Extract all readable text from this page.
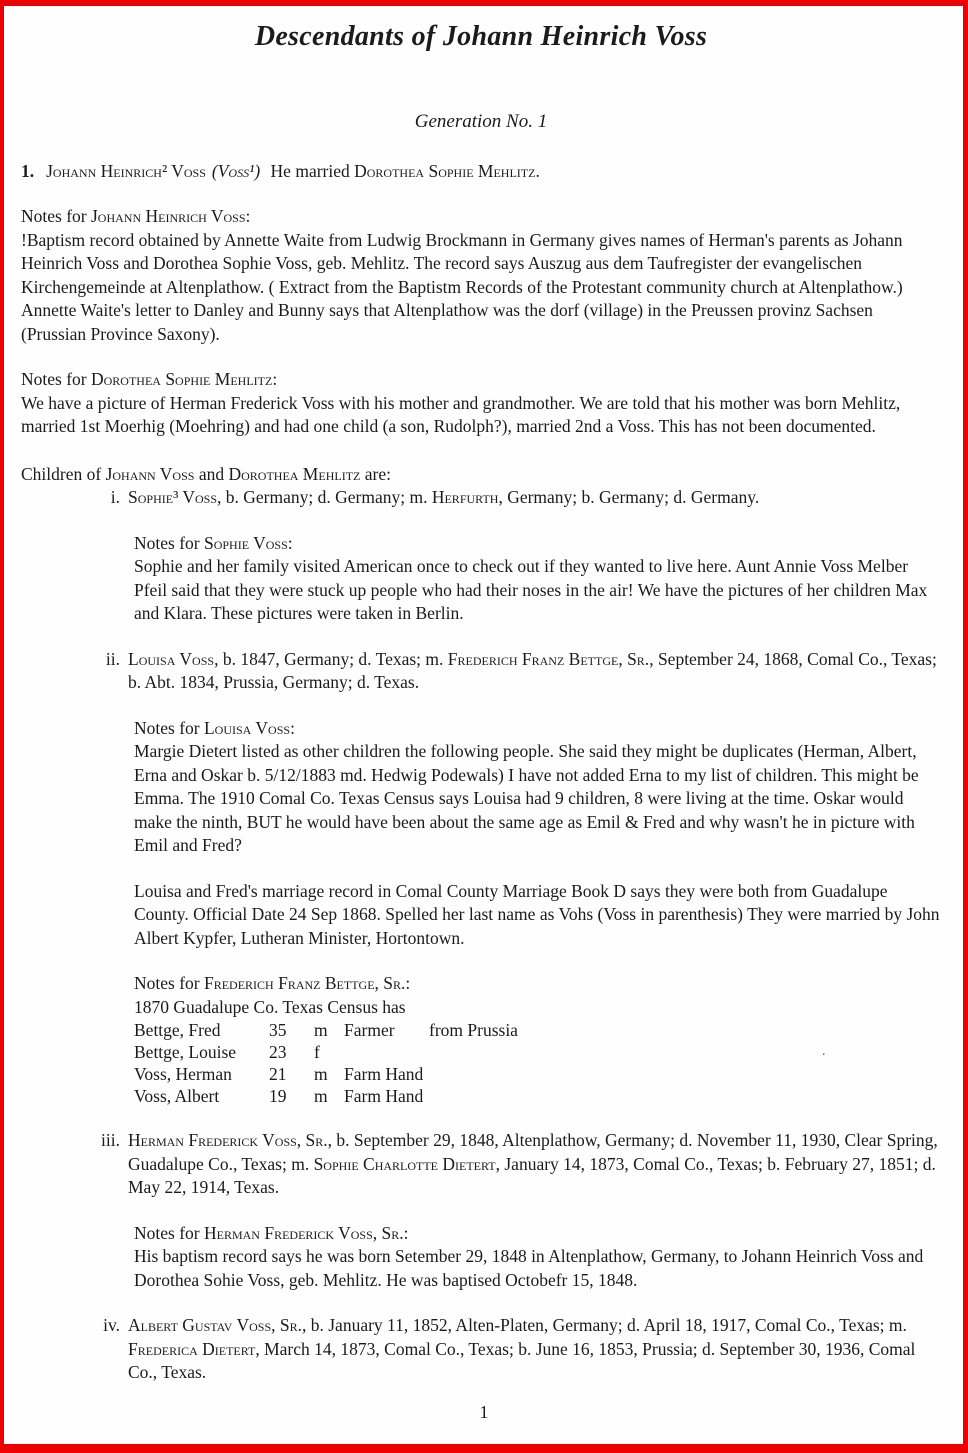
Descendants of Johann Heinrich Voss
Generation No. 1
1. Johann Heinrich² Voss (Voss¹) He married Dorothea Sophie Mehlitz.
Notes for Johann Heinrich Voss:
!Baptism record obtained by Annette Waite from Ludwig Brockmann in Germany gives names of Herman's parents as Johann Heinrich Voss and Dorothea Sophie Voss, geb. Mehlitz. The record says Auszug aus dem Taufregister der evangelischen Kirchengemeinde at Altenplathow. ( Extract from the Baptistm Records of the Protestant community church at Altenplathow.) Annette Waite's letter to Danley and Bunny says that Altenplathow was the dorf (village) in the Preussen provinz Sachsen (Prussian Province Saxony).
Notes for Dorothea Sophie Mehlitz:
We have a picture of Herman Frederick Voss with his mother and grandmother. We are told that his mother was born Mehlitz, married 1st Moerhig (Moehring) and had one child (a son, Rudolph?), married 2nd a Voss. This has not been documented.
Children of Johann Voss and Dorothea Mehlitz are:
i. Sophie³ Voss, b. Germany; d. Germany; m. Herfurth, Germany; b. Germany; d. Germany.
Notes for Sophie Voss:
Sophie and her family visited American once to check out if they wanted to live here. Aunt Annie Voss Melber Pfeil said that they were stuck up people who had their noses in the air! We have the pictures of her children Max and Klara. These pictures were taken in Berlin.
ii. Louisa Voss, b. 1847, Germany; d. Texas; m. Frederich Franz Bettge, Sr., September 24, 1868, Comal Co., Texas; b. Abt. 1834, Prussia, Germany; d. Texas.
Notes for Louisa Voss:
Margie Dietert listed as other children the following people. She said they might be duplicates (Herman, Albert, Erna and Oskar b. 5/12/1883 md. Hedwig Podewals) I have not added Erna to my list of children. This might be Emma. The 1910 Comal Co. Texas Census says Louisa had 9 children, 8 were living at the time. Oskar would make the ninth, BUT he would have been about the same age as Emil & Fred and why wasn't he in picture with Emil and Fred?
Louisa and Fred's marriage record in Comal County Marriage Book D says they were both from Guadalupe County. Official Date 24 Sep 1868. Spelled her last name as Vohs (Voss in parenthesis) They were married by John Albert Kypfer, Lutheran Minister, Hortontown.
Notes for Frederich Franz Bettge, Sr.:
1870 Guadalupe Co. Texas Census has
Bettge, Fred	35	m Farmer	from Prussia
Bettge, Louise	23	f	.
Voss, Herman	21	m Farm Hand
Voss, Albert	19	m Farm Hand
iii. Herman Frederick Voss, Sr., b. September 29, 1848, Altenplathow, Germany; d. November 11, 1930, Clear Spring, Guadalupe Co., Texas; m. Sophie Charlotte Dietert, January 14, 1873, Comal Co., Texas; b. February 27, 1851; d. May 22, 1914, Texas.
Notes for Herman Frederick Voss, Sr.:
His baptism record says he was born Setember 29, 1848 in Altenplathow, Germany, to Johann Heinrich Voss and Dorothea Sohie Voss, geb. Mehlitz. He was baptised Octobefr 15, 1848.
iv. Albert Gustav Voss, Sr., b. January 11, 1852, Alten-Platen, Germany; d. April 18, 1917, Comal Co., Texas; m. Frederica Dietert, March 14, 1873, Comal Co., Texas; b. June 16, 1853, Prussia; d. September 30, 1936, Comal Co., Texas.
1
